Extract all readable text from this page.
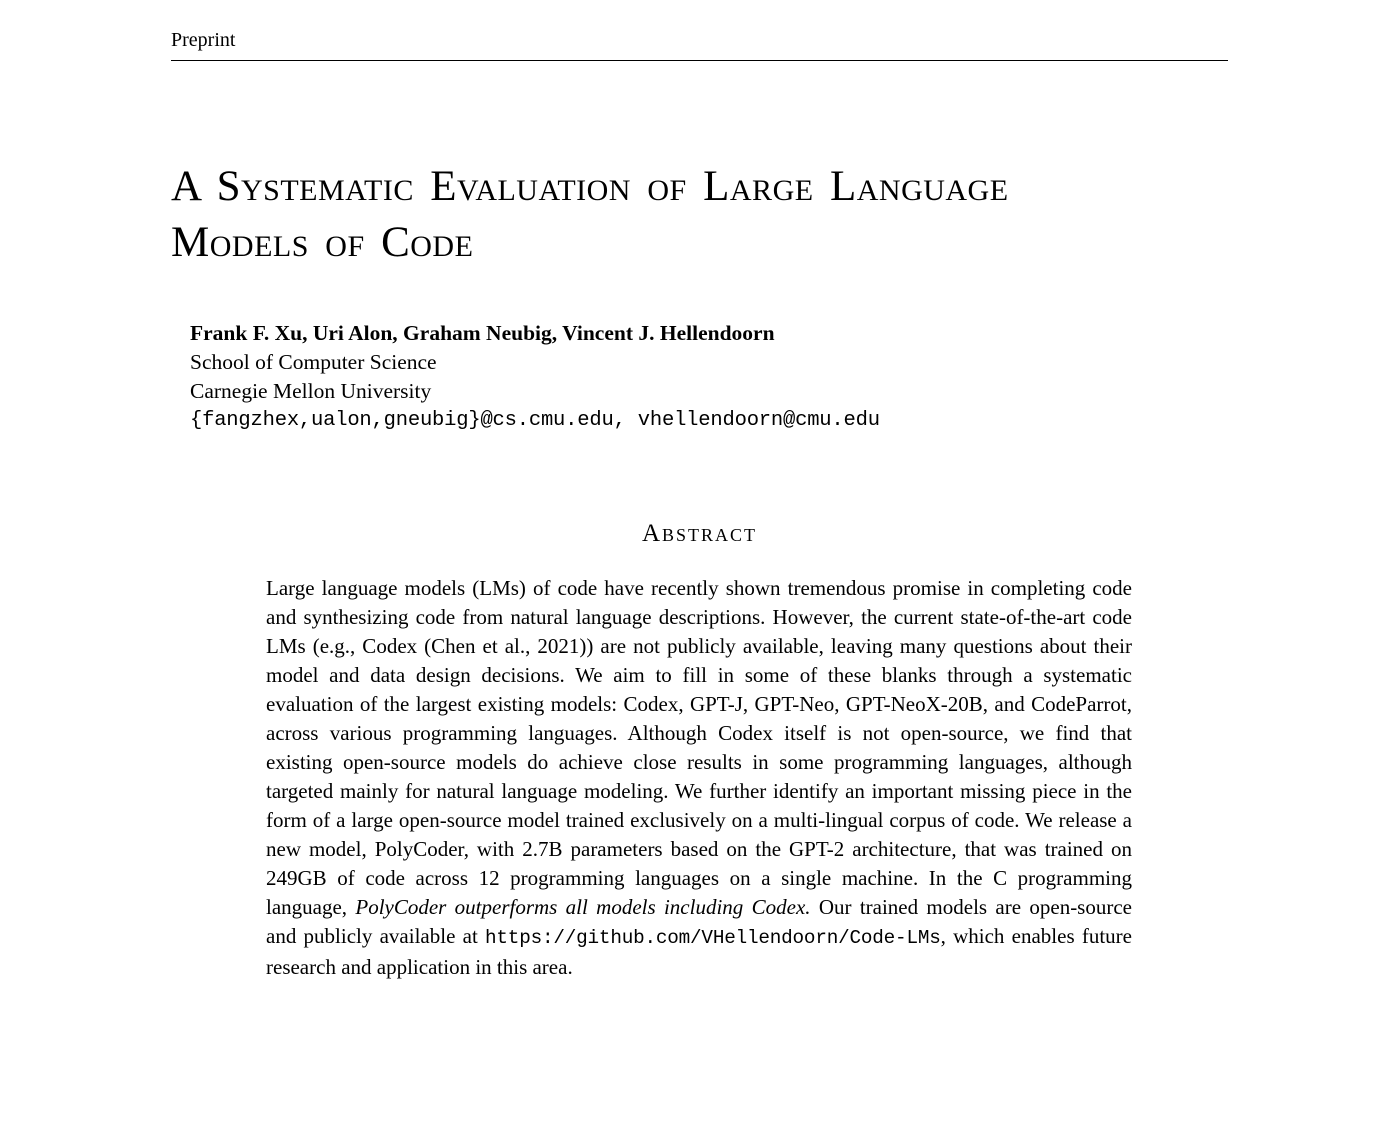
Preprint
A Systematic Evaluation of Large Language
Models of Code
Frank F. Xu, Uri Alon, Graham Neubig, Vincent J. Hellendoorn
School of Computer Science
Carnegie Mellon University
{fangzhex,ualon,gneubig}@cs.cmu.edu, vhellendoorn@cmu.edu
Abstract

Large language models (LMs) of code have recently shown tremendous promise in completing code and synthesizing code from natural language descriptions. However, the current state-of-the-art code LMs (e.g., Codex (Chen et al., 2021)) are not publicly available, leaving many questions about their model and data design decisions. We aim to fill in some of these blanks through a systematic evaluation of the largest existing models: Codex, GPT-J, GPT-Neo, GPT-NeoX-20B, and CodeParrot, across various programming languages. Although Codex itself is not open-source, we find that existing open-source models do achieve close results in some programming languages, although targeted mainly for natural language modeling. We further identify an important missing piece in the form of a large open-source model trained exclusively on a multi-lingual corpus of code. We release a new model, PolyCoder, with 2.7B parameters based on the GPT-2 architecture, that was trained on 249GB of code across 12 programming languages on a single machine. In the C programming language, PolyCoder outperforms all models including Codex. Our trained models are open-source and publicly available at https://github.com/VHellendoorn/Code-LMs, which enables future research and application in this area.
